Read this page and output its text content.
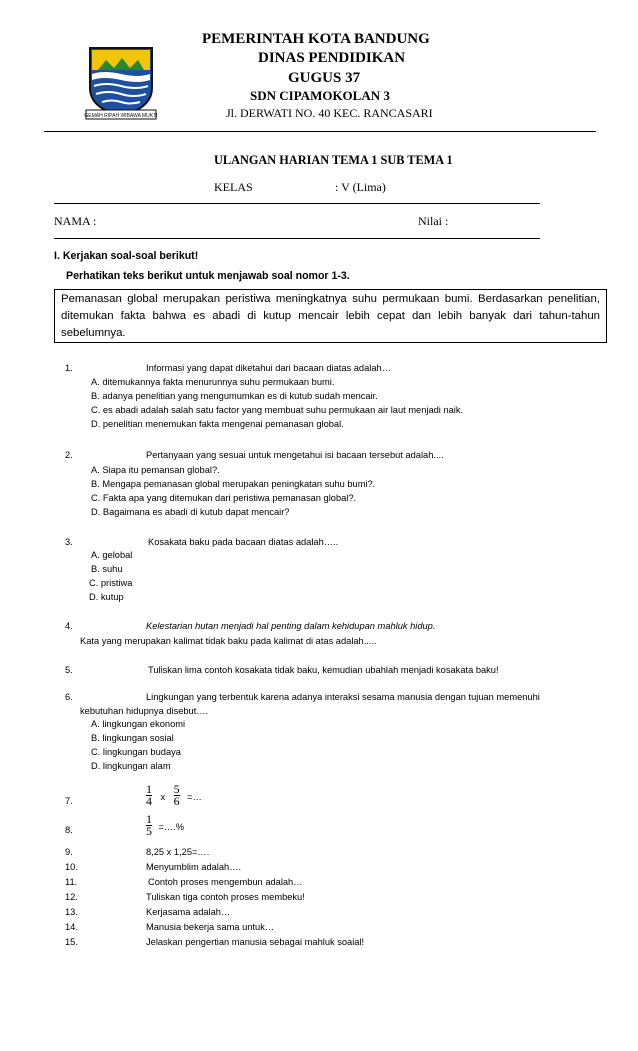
GEMAH RIPAH WIBAWA MUKTI
PEMERINTAH KOTA BANDUNG
DINAS PENDIDIKAN
GUGUS 37
SDN CIPAMOKOLAN 3
Jl. DERWATI NO. 40 KEC. RANCASARI
ULANGAN HARIAN TEMA 1 SUB TEMA 1
KELAS	: V (Lima)
NAMA :	Nilai :
I. Kerjakan soal-soal berikut!
Perhatikan teks berikut untuk menjawab soal nomor 1-3.
Pemanasan global merupakan peristiwa meningkatnya suhu permukaan bumi. Berdasarkan penelitian, ditemukan fakta bahwa es abadi di kutup mencair lebih cepat dan lebih banyak dari tahun-tahun sebelumnya.
1.	Informasi yang dapat diketahui dari bacaan diatas adalah…
A. ditemukannya fakta menurunnya suhu permukaan bumi.
B. adanya penelitian yang mengumumkan es di kutub sudah mencair.
C. es abadi adalah salah satu factor yang membuat suhu permukaan air laut menjadi naik.
D. penelitian menemukan fakta mengenai pemanasan global.
2.	Pertanyaan yang sesuai untuk mengetahui isi bacaan tersebut adalah....
A. Siapa itu pemansan global?.
B. Mengapa pemanasan global merupakan peningkatan suhu bumi?.
C. Fakta apa yang ditemukan dari peristiwa pemanasan global?.
D. Bagaimana es abadi di kutub dapat mencair?
3.	Kosakata baku pada bacaan diatas adalah…..
A. gelobal
B. suhu
C. pristiwa
D. kutup
4.	Kelestarian hutan menjadi hal penting dalam kehidupan mahluk hidup.
Kata yang merupakan kalimat tidak baku pada kalimat di atas adalah.....
5.	Tuliskan lima contoh kosakata tidak baku, kemudian ubahlah menjadi kosakata baku!
6.	Lingkungan yang terbentuk karena adanya interaksi sesama manusia dengan tujuan memenuhi
kebutuhan hidupnya disebut….
A. lingkungan ekonomi
B. lingkungan sosial
C. lingkungan budaya
D. lingkungan alam
7.	$\frac{1}{4}$ x $\frac{5}{6}$ =…
8.	$\frac{1}{5}$ =….%
9.	8,25 x 1,25=….
10.	Menyumblim adalah….
11.	Contoh proses mengembun adalah…
12.	Tuliskan tiga contoh proses membeku!
13.	Kerjasama adalah…
14.	Manusia bekerja sama untuk…
15.	Jelaskan pengertian manusia sebagai mahluk soaial!
